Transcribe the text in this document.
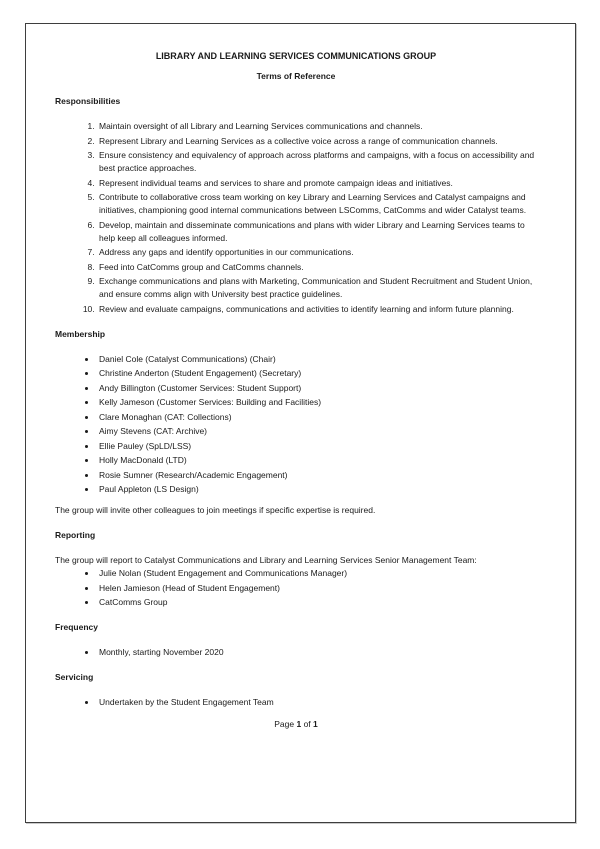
LIBRARY AND LEARNING SERVICES COMMUNICATIONS GROUP
Terms of Reference
Responsibilities
1. Maintain oversight of all Library and Learning Services communications and channels.
2. Represent Library and Learning Services as a collective voice across a range of communication channels.
3. Ensure consistency and equivalency of approach across platforms and campaigns, with a focus on accessibility and best practice approaches.
4. Represent individual teams and services to share and promote campaign ideas and initiatives.
5. Contribute to collaborative cross team working on key Library and Learning Services and Catalyst campaigns and initiatives, championing good internal communications between LSComms, CatComms and wider Catalyst teams.
6. Develop, maintain and disseminate communications and plans with wider Library and Learning Services teams to help keep all colleagues informed.
7. Address any gaps and identify opportunities in our communications.
8. Feed into CatComms group and CatComms channels.
9. Exchange communications and plans with Marketing, Communication and Student Recruitment and Student Union, and ensure comms align with University best practice guidelines.
10. Review and evaluate campaigns, communications and activities to identify learning and inform future planning.
Membership
• Daniel Cole (Catalyst Communications) (Chair)
• Christine Anderton (Student Engagement) (Secretary)
• Andy Billington (Customer Services: Student Support)
• Kelly Jameson (Customer Services: Building and Facilities)
• Clare Monaghan (CAT: Collections)
• Aimy Stevens (CAT: Archive)
• Ellie Pauley (SpLD/LSS)
• Holly MacDonald (LTD)
• Rosie Sumner (Research/Academic Engagement)
• Paul Appleton (LS Design)

The group will invite other colleagues to join meetings if specific expertise is required.

Reporting

The group will report to Catalyst Communications and Library and Learning Services Senior Management Team:

• Julie Nolan (Student Engagement and Communications Manager)
• Helen Jamieson (Head of Student Engagement)
• CatComms Group
Frequency
• Monthly, starting November 2020
Servicing
• Undertaken by the Student Engagement Team
Page 1 of 1
